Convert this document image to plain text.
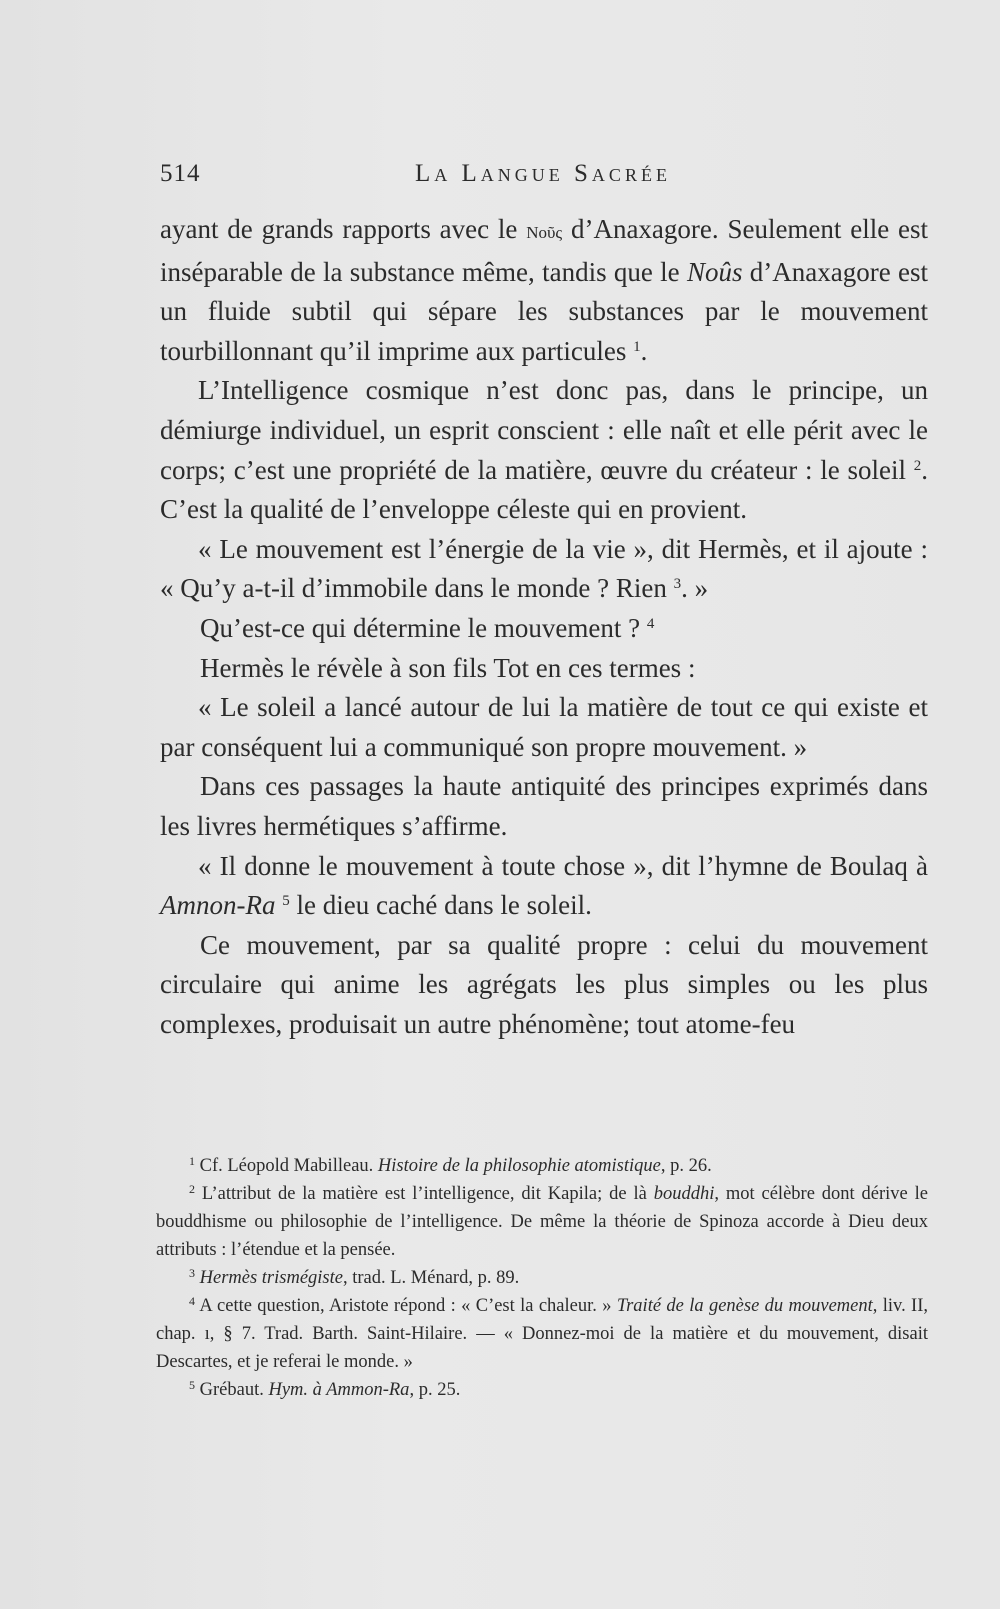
514	La Langue Sacrée

ayant de grands rapports avec le Νοῦς d’Anaxagore. Seulement elle est inséparable de la substance même, tandis que le Noûs d’Anaxagore est un fluide subtil qui sépare les substances par le mouvement tourbillonnant qu’il imprime aux particules $^1$.

L’Intelligence cosmique n’est donc pas, dans le principe, un démiurge individuel, un esprit conscient : elle naît et elle périt avec le corps; c’est une propriété de la matière, œuvre du créateur : le soleil $^2$. C’est la qualité de l’enveloppe céleste qui en provient.

« Le mouvement est l’énergie de la vie », dit Hermès, et il ajoute : « Qu’y a-t-il d’immobile dans le monde ? Rien $^3$. »

Qu’est-ce qui détermine le mouvement ? $^4$

Hermès le révèle à son fils Tot en ces termes :

« Le soleil a lancé autour de lui la matière de tout ce qui existe et par conséquent lui a communiqué son propre mouvement. »

Dans ces passages la haute antiquité des principes exprimés dans les livres hermétiques s’affirme.

« Il donne le mouvement à toute chose », dit l’hymne de Boulaq à Amnon-Ra $^5$ le dieu caché dans le soleil.

Ce mouvement, par sa qualité propre : celui du mouvement circulaire qui anime les agrégats les plus simples ou les plus complexes, produisait un autre phénomène; tout atome-feu

$^1$ Cf. Léopold Mabilleau. Histoire de la philosophie atomistique, p. 26.

$^2$ L’attribut de la matière est l’intelligence, dit Kapila; de là bouddhi, mot célèbre dont dérive le bouddhisme ou philosophie de l’intelligence. De même la théorie de Spinoza accorde à Dieu deux attributs : l’étendue et la pensée.

$^3$ Hermès trismégiste, trad. L. Ménard, p. 89.

$^4$ A cette question, Aristote répond : « C’est la chaleur. » Traité de la genèse du mouvement, liv. II, chap. ı, § 7. Trad. Barth. Saint-Hilaire. — « Donnez-moi de la matière et du mouvement, disait Descartes, et je referai le monde. »

$^5$ Grébaut. Hym. à Ammon-Ra, p. 25.
